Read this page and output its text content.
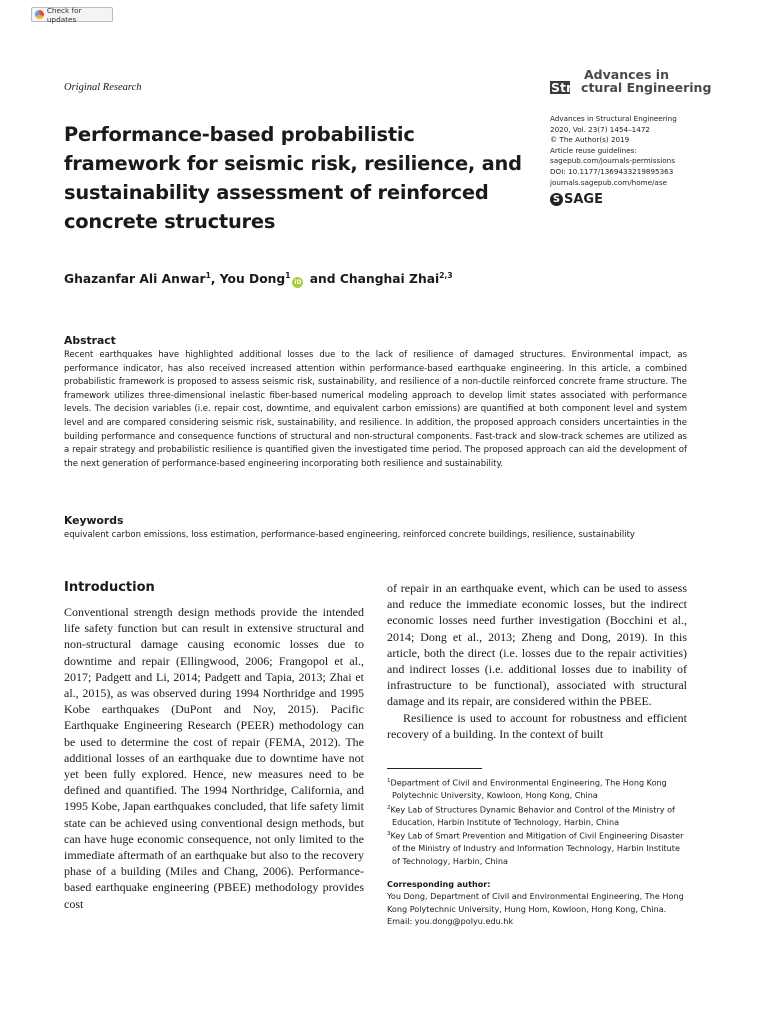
Check for updates
Original Research
Advances in
Structural Engineering
Advances in Structural Engineering
2020, Vol. 23(7) 1454–1472
© The Author(s) 2019
Article reuse guidelines:
sagepub.com/journals-permissions
DOI: 10.1177/1369433219895363
journals.sagepub.com/home/ase
S SAGE
Performance-based probabilistic framework for seismic risk, resilience, and sustainability assessment of reinforced concrete structures
Ghazanfar Ali Anwar$^1$, You Dong$^1$iD and Changhai Zhai$^{2,3}$
Abstract
Recent earthquakes have highlighted additional losses due to the lack of resilience of damaged structures. Environmental impact, as performance indicator, has also received increased attention within performance-based earthquake engineering. In this article, a combined probabilistic framework is proposed to assess seismic risk, sustainability, and resilience of a non-ductile reinforced concrete frame structure. The framework utilizes three-dimensional inelastic fiber-based numerical modeling approach to develop limit states associated with performance levels. The decision variables (i.e. repair cost, downtime, and equivalent carbon emissions) are quantified at both component level and system level and are compared considering seismic risk, sustainability, and resilience. In addition, the proposed approach considers uncertainties in the building performance and consequence functions of structural and non-structural components. Fast-track and slow-track schemes are utilized as a repair strategy and probabilistic resilience is quantified given the investigated time period. The proposed approach can aid the development of the next generation of performance-based engineering incorporating both resilience and sustainability.
Keywords
equivalent carbon emissions, loss estimation, performance-based engineering, reinforced concrete buildings, resilience, sustainability
Introduction
Conventional strength design methods provide the intended life safety function but can result in extensive structural and non-structural damage causing economic losses due to downtime and repair (Ellingwood, 2006; Frangopol et al., 2017; Padgett and Li, 2014; Padgett and Tapia, 2013; Zhai et al., 2015), as was observed during 1994 Northridge and 1995 Kobe earthquakes (DuPont and Noy, 2015). Pacific Earthquake Engineering Research (PEER) methodology can be used to determine the cost of repair (FEMA, 2012). The additional losses of an earthquake due to downtime have not yet been fully explored. Hence, new measures need to be defined and quantified. The 1994 Northridge, California, and 1995 Kobe, Japan earthquakes concluded, that life safety limit state can be achieved using conventional design methods, but can have huge economic consequence, not only limited to the immediate aftermath of an earthquake but also to the recovery phase of a building (Miles and Chang, 2006). Performance-based earthquake engineering (PBEE) methodology provides cost
of repair in an earthquake event, which can be used to assess and reduce the immediate economic losses, but the indirect economic losses need further investigation (Bocchini et al., 2014; Dong et al., 2013; Zheng and Dong, 2019). In this article, both the direct (i.e. losses due to the repair activities) and indirect losses (i.e. additional losses due to inability of infrastructure to be functional), associated with structural damage and its repair, are considered within the PBEE.
Resilience is used to account for robustness and efficient recovery of a building. In the context of built
$^1$Department of Civil and Environmental Engineering, The Hong Kong Polytechnic University, Kowloon, Hong Kong, China
$^2$Key Lab of Structures Dynamic Behavior and Control of the Ministry of Education, Harbin Institute of Technology, Harbin, China
$^3$Key Lab of Smart Prevention and Mitigation of Civil Engineering Disaster of the Ministry of Industry and Information Technology, Harbin Institute of Technology, Harbin, China
Corresponding author:
You Dong, Department of Civil and Environmental Engineering, The Hong Kong Polytechnic University, Hung Hom, Kowloon, Hong Kong, China.
Email: you.dong@polyu.edu.hk
